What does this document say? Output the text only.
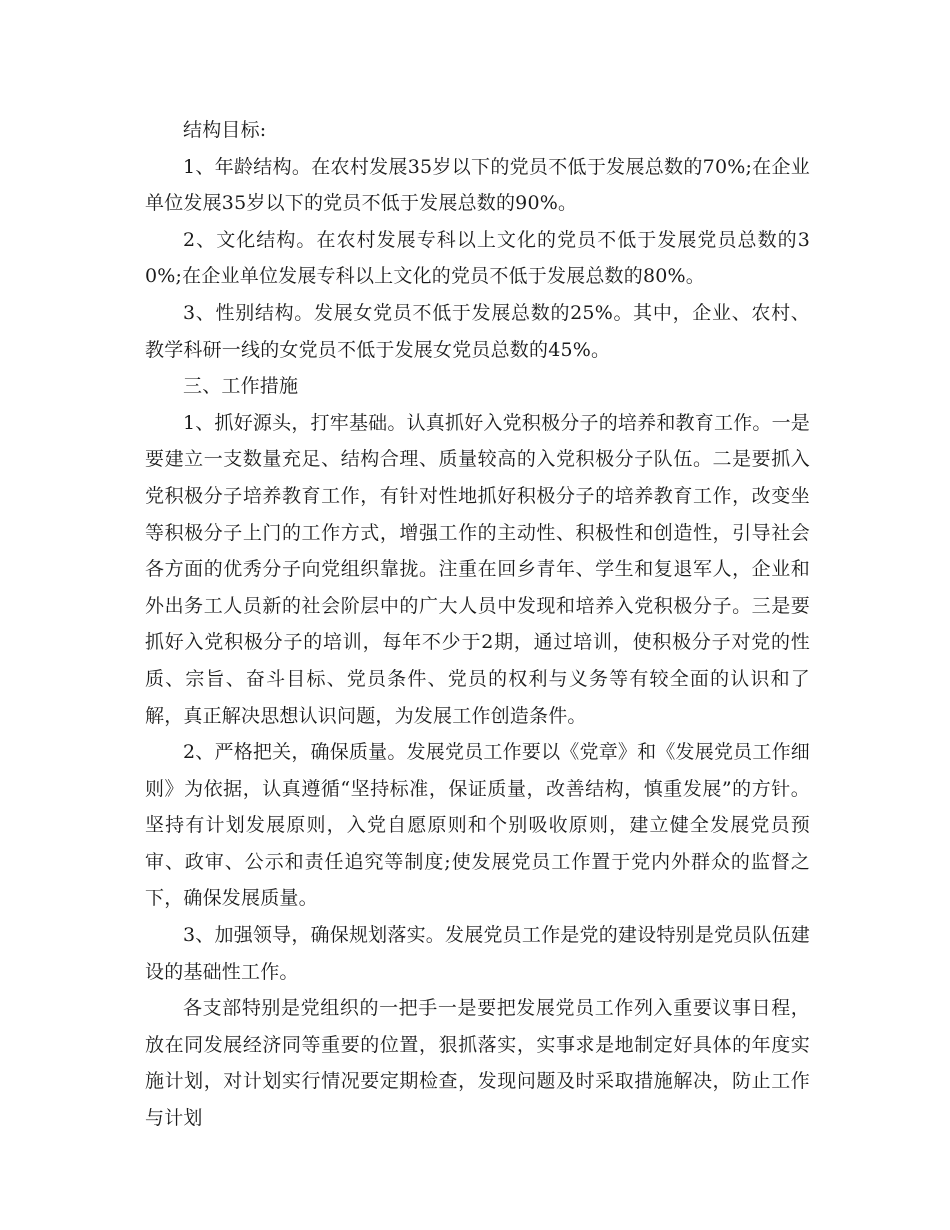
结构目标:

1、年龄结构。在农村发展35岁以下的党员不低于发展总数的70%;在企业单位发展35岁以下的党员不低于发展总数的90%。

2、文化结构。在农村发展专科以上文化的党员不低于发展党员总数的30%;在企业单位发展专科以上文化的党员不低于发展总数的80%。

3、性别结构。发展女党员不低于发展总数的25%。其中，企业、农村、教学科研一线的女党员不低于发展女党员总数的45%。

三、工作措施

1、抓好源头，打牢基础。认真抓好入党积极分子的培养和教育工作。一是要建立一支数量充足、结构合理、质量较高的入党积极分子队伍。二是要抓入党积极分子培养教育工作，有针对性地抓好积极分子的培养教育工作，改变坐等积极分子上门的工作方式，增强工作的主动性、积极性和创造性，引导社会各方面的优秀分子向党组织靠拢。注重在回乡青年、学生和复退军人，企业和外出务工人员新的社会阶层中的广大人员中发现和培养入党积极分子。三是要抓好入党积极分子的培训，每年不少于2期，通过培训，使积极分子对党的性质、宗旨、奋斗目标、党员条件、党员的权利与义务等有较全面的认识和了解，真正解决思想认识问题，为发展工作创造条件。

2、严格把关，确保质量。发展党员工作要以《党章》和《发展党员工作细则》为依据，认真遵循“坚持标准，保证质量，改善结构，慎重发展”的方针。坚持有计划发展原则，入党自愿原则和个别吸收原则，建立健全发展党员预审、政审、公示和责任追究等制度;使发展党员工作置于党内外群众的监督之下，确保发展质量。

3、加强领导，确保规划落实。发展党员工作是党的建设特别是党员队伍建设的基础性工作。

各支部特别是党组织的一把手一是要把发展党员工作列入重要议事日程，放在同发展经济同等重要的位置，狠抓落实，实事求是地制定好具体的年度实施计划，对计划实行情况要定期检查，发现问题及时采取措施解决，防止工作与计划
